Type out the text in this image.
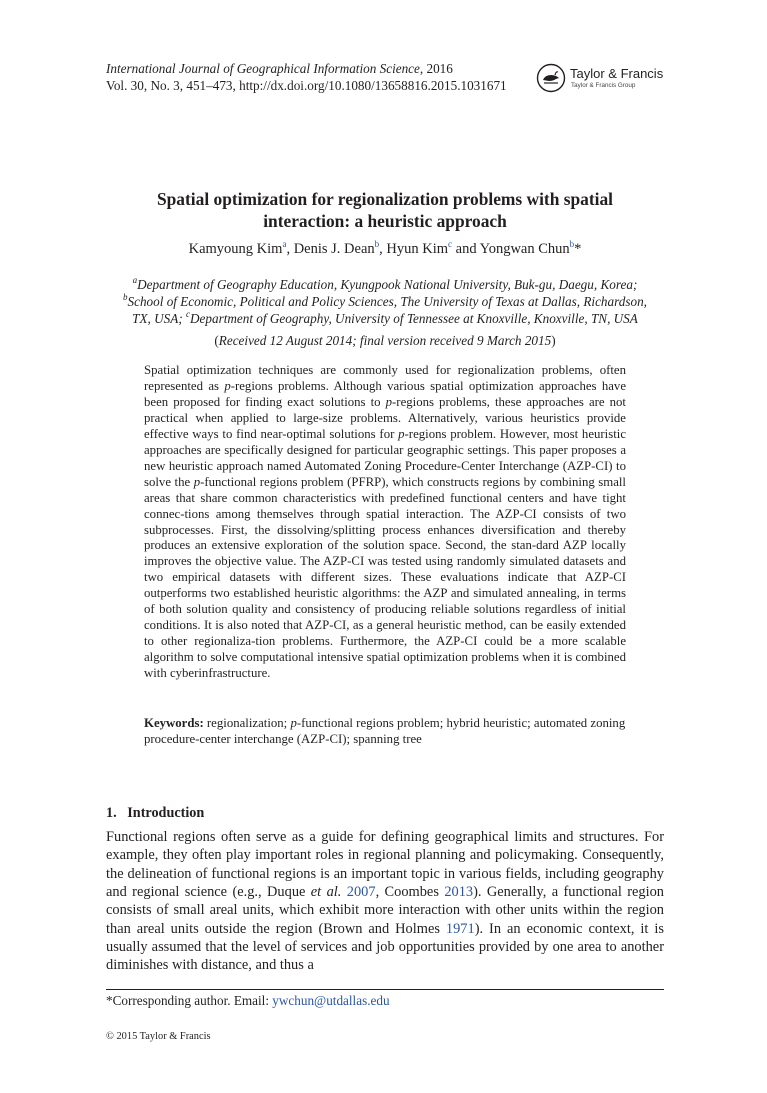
International Journal of Geographical Information Science, 2016
Vol. 30, No. 3, 451–473, http://dx.doi.org/10.1080/13658816.2015.1031671
Taylor & Francis
Taylor & Francis Group
Spatial optimization for regionalization problems with spatial
interaction: a heuristic approach
Kamyoung Kim$^a$, Denis J. Dean$^b$, Hyun Kim$^c$ and Yongwan Chun$^b$*
$^a$Department of Geography Education, Kyungpook National University, Buk-gu, Daegu, Korea;
$^b$School of Economic, Political and Policy Sciences, The University of Texas at Dallas, Richardson,
TX, USA; $^c$Department of Geography, University of Tennessee at Knoxville, Knoxville, TN, USA
(Received 12 August 2014; final version received 9 March 2015)
Spatial optimization techniques are commonly used for regionalization problems, often represented as p-regions problems. Although various spatial optimization approaches have been proposed for finding exact solutions to p-regions problems, these approaches are not practical when applied to large-size problems. Alternatively, various heuristics provide effective ways to find near-optimal solutions for p-regions problem. However, most heuristic approaches are specifically designed for particular geographic settings. This paper proposes a new heuristic approach named Automated Zoning Procedure-Center Interchange (AZP-CI) to solve the p-functional regions problem (PFRP), which constructs regions by combining small areas that share common characteristics with predefined functional centers and have tight connec-tions among themselves through spatial interaction. The AZP-CI consists of two subprocesses. First, the dissolving/splitting process enhances diversification and thereby produces an extensive exploration of the solution space. Second, the stan-dard AZP locally improves the objective value. The AZP-CI was tested using randomly simulated datasets and two empirical datasets with different sizes. These evaluations indicate that AZP-CI outperforms two established heuristic algorithms: the AZP and simulated annealing, in terms of both solution quality and consistency of producing reliable solutions regardless of initial conditions. It is also noted that AZP-CI, as a general heuristic method, can be easily extended to other regionaliza-tion problems. Furthermore, the AZP-CI could be a more scalable algorithm to solve computational intensive spatial optimization problems when it is combined with cyberinfrastructure.
Keywords: regionalization; p-functional regions problem; hybrid heuristic; automated zoning procedure-center interchange (AZP-CI); spanning tree
1. Introduction
Functional regions often serve as a guide for defining geographical limits and structures. For example, they often play important roles in regional planning and policymaking. Consequently, the delineation of functional regions is an important topic in various fields, including geography and regional science (e.g., Duque et al. 2007, Coombes 2013). Generally, a functional region consists of small areal units, which exhibit more interaction with other units within the region than areal units outside the region (Brown and Holmes 1971). In an economic context, it is usually assumed that the level of services and job opportunities provided by one area to another diminishes with distance, and thus a
*Corresponding author. Email: ywchun@utdallas.edu
© 2015 Taylor & Francis
